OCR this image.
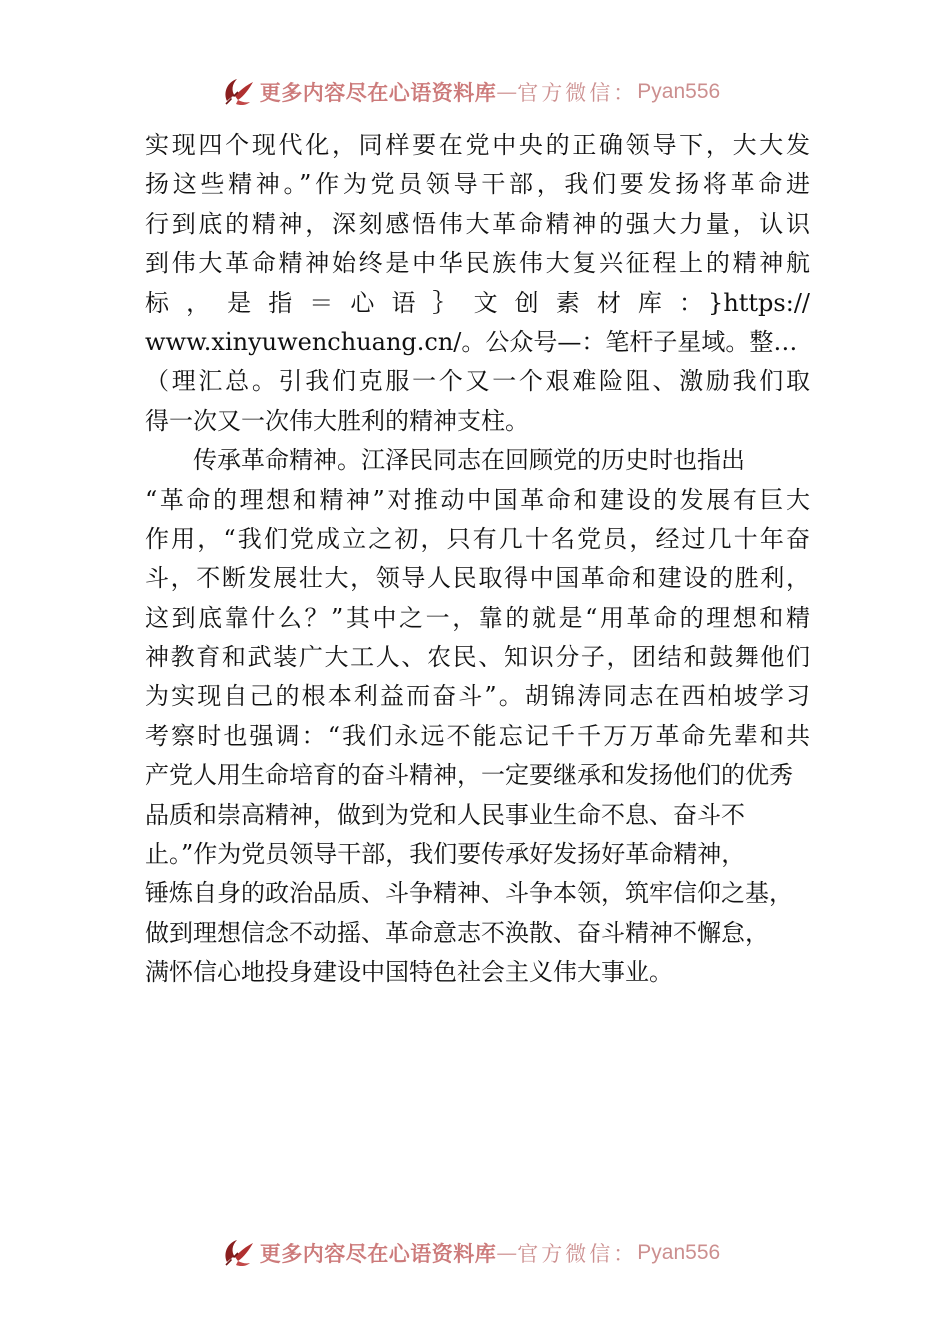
更多内容尽在心语资料库 — 官方微信： Pyan556
实现四个现代化，同样要在党中央的正确领导下，大大发
扬这些精神。”作为党员领导干部，我们要发扬将革命进
行到底的精神，深刻感悟伟大革命精神的强大力量，认识
到伟大革命精神始终是中华民族伟大复兴征程上的精神航
标，是指＝心语｝文创素材库：}https://
www.xinyuwenchuang.cn/。公众号—：笔杆子星域。整…
（理汇总。引我们克服一个又一个艰难险阻、激励我们取
得一次又一次伟大胜利的精神支柱。
传承革命精神。江泽民同志在回顾党的历史时也指出
“革命的理想和精神”对推动中国革命和建设的发展有巨大
作用，“我们党成立之初，只有几十名党员，经过几十年奋
斗，不断发展壮大，领导人民取得中国革命和建设的胜利，
这到底靠什么？”其中之一，靠的就是“用革命的理想和精
神教育和武装广大工人、农民、知识分子，团结和鼓舞他们
为实现自己的根本利益而奋斗”。胡锦涛同志在西柏坡学习
考察时也强调：“我们永远不能忘记千千万万革命先辈和共
产党人用生命培育的奋斗精神，一定要继承和发扬他们的优秀
品质和崇高精神，做到为党和人民事业生命不息、奋斗不
止。”作为党员领导干部，我们要传承好发扬好革命精神，
锤炼自身的政治品质、斗争精神、斗争本领，筑牢信仰之基，
做到理想信念不动摇、革命意志不涣散、奋斗精神不懈怠，
满怀信心地投身建设中国特色社会主义伟大事业。
更多内容尽在心语资料库 — 官方微信： Pyan556
